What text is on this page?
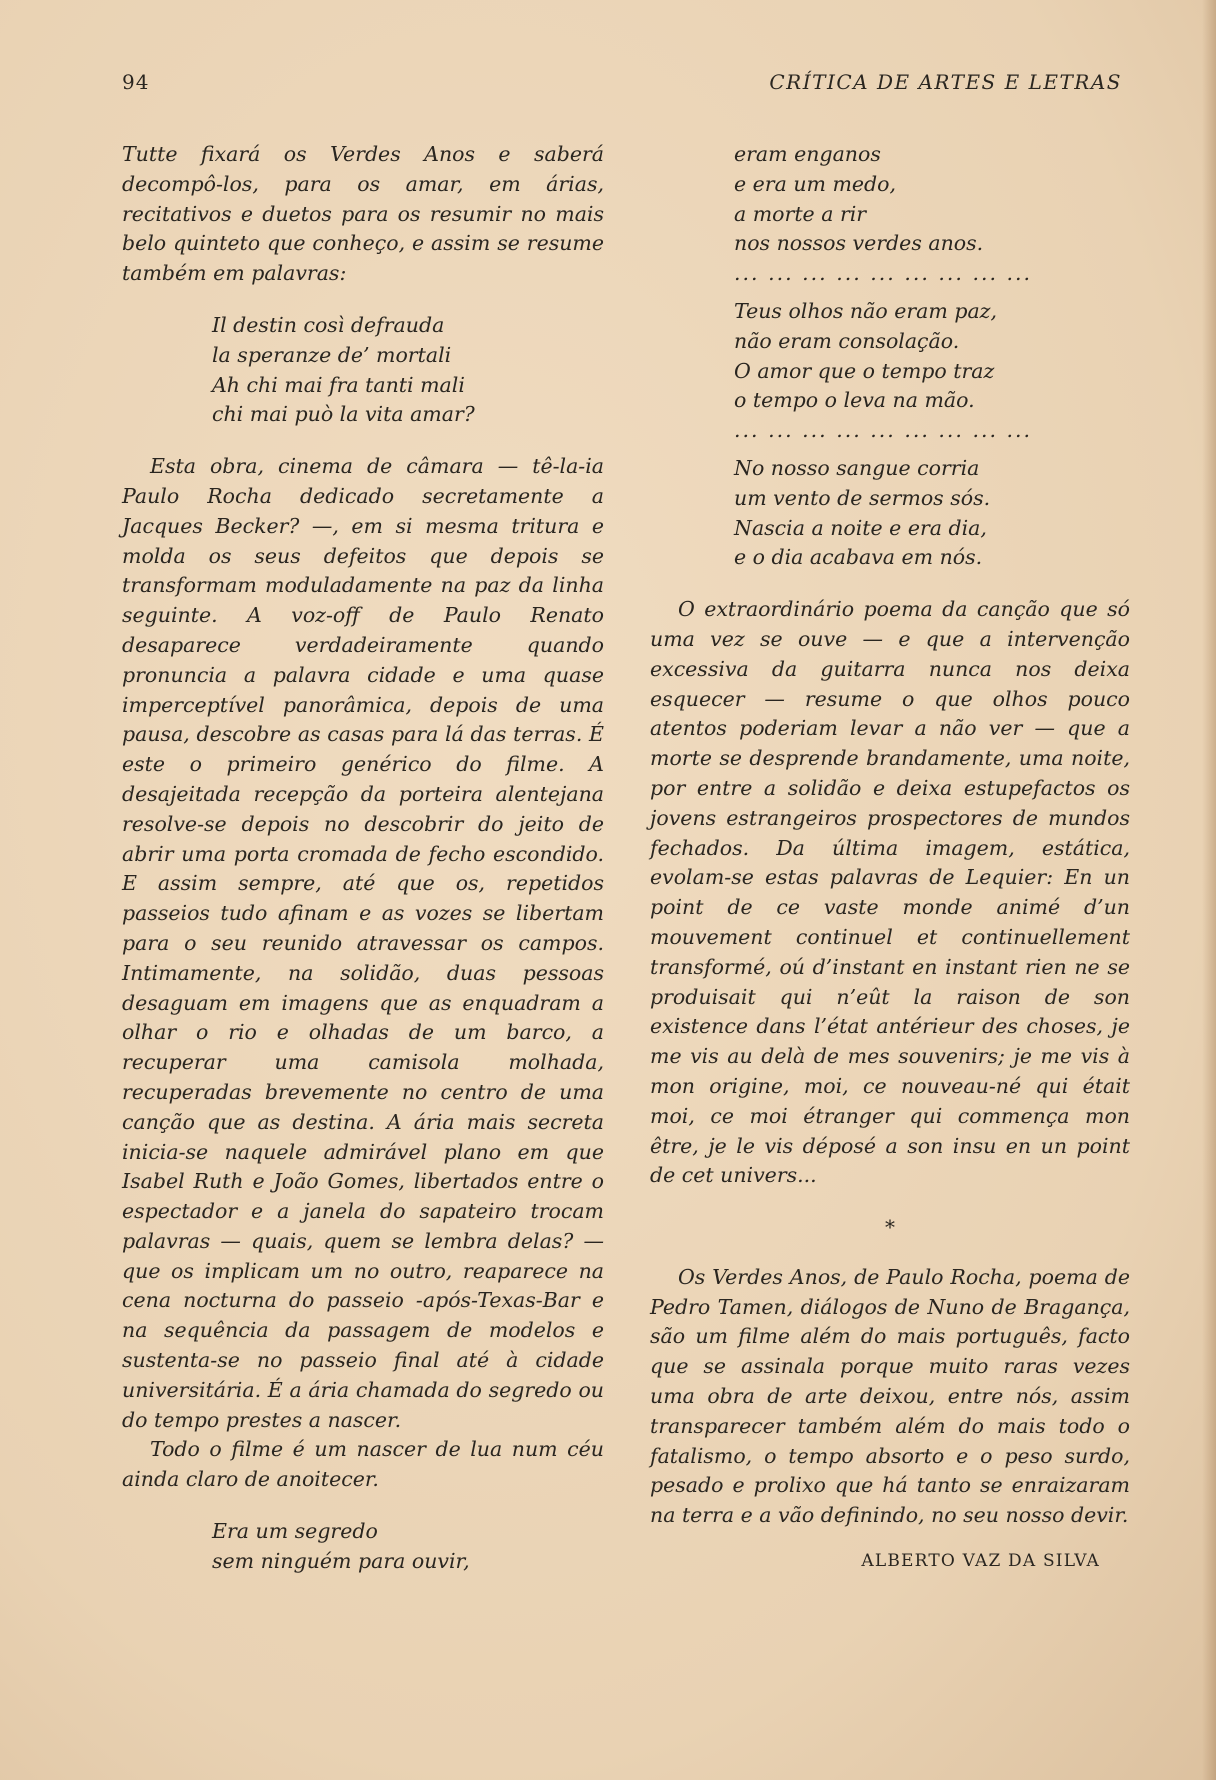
94	CRÍTICA DE ARTES E LETRAS

Tutte fixará os Verdes Anos e saberá decompô-los, para os amar, em árias, recitativos e duetos para os resumir no mais belo quinteto que conheço, e assim se resume também em palavras:

Il destin così defrauda
la speranze de’ mortali
Ah chi mai fra tanti mali
chi mai può la vita amar?

Esta obra, cinema de câmara — tê-la-ia Paulo Rocha dedicado secretamente a Jacques Becker? —, em si mesma tritura e molda os seus defeitos que depois se transformam moduladamente na paz da linha seguinte. A voz-off de Paulo Renato desaparece verdadeiramente quando pronuncia a palavra cidade e uma quase imperceptível panorâmica, depois de uma pausa, descobre as casas para lá das terras. É este o primeiro genérico do filme. A desajeitada recepção da porteira alentejana resolve-se depois no descobrir do jeito de abrir uma porta cromada de fecho escondido. E assim sempre, até que os, repetidos passeios tudo afinam e as vozes se libertam para o seu reunido atravessar os campos. Intimamente, na solidão, duas pessoas desaguam em imagens que as enquadram a olhar o rio e olhadas de um barco, a recuperar uma camisola molhada, recuperadas brevemente no centro de uma canção que as destina. A ária mais secreta inicia-se naquele admirável plano em que Isabel Ruth e João Gomes, libertados entre o espectador e a janela do sapateiro trocam palavras — quais, quem se lembra delas? — que os implicam um no outro, reaparece na cena nocturna do passeio -após-Texas-Bar e na sequência da passagem de modelos e sustenta-se no passeio final até à cidade universitária. É a ária chamada do segredo ou do tempo prestes a nascer.

Todo o filme é um nascer de lua num céu ainda claro de anoitecer.

Era um segredo
sem ninguém para ouvir,
eram enganos
e era um medo,
a morte a rir
nos nossos verdes anos.
... ... ... ... ... ... ... ... ...
Teus olhos não eram paz,
não eram consolação.
O amor que o tempo traz
o tempo o leva na mão.
... ... ... ... ... ... ... ... ...
No nosso sangue corria
um vento de sermos sós.
Nascia a noite e era dia,
e o dia acabava em nós.

O extraordinário poema da canção que só uma vez se ouve — e que a intervenção excessiva da guitarra nunca nos deixa esquecer — resume o que olhos pouco atentos poderiam levar a não ver — que a morte se desprende brandamente, uma noite, por entre a solidão e deixa estupefactos os jovens estrangeiros prospectores de mundos fechados. Da última imagem, estática, evolam-se estas palavras de Lequier: En un point de ce vaste monde animé d’un mouvement continuel et continuellement transformé, oú d’instant en instant rien ne se produisait qui n’eût la raison de son existence dans l’état antérieur des choses, je me vis au delà de mes souvenirs; je me vis à mon origine, moi, ce nouveau-né qui était moi, ce moi étranger qui commença mon être, je le vis déposé a son insu en un point de cet univers...

*

Os Verdes Anos, de Paulo Rocha, poema de Pedro Tamen, diálogos de Nuno de Bragança, são um filme além do mais português, facto que se assinala porque muito raras vezes uma obra de arte deixou, entre nós, assim transparecer também além do mais todo o fatalismo, o tempo absorto e o peso surdo, pesado e prolixo que há tanto se enraizaram na terra e a vão definindo, no seu nosso devir.

ALBERTO VAZ DA SILVA
